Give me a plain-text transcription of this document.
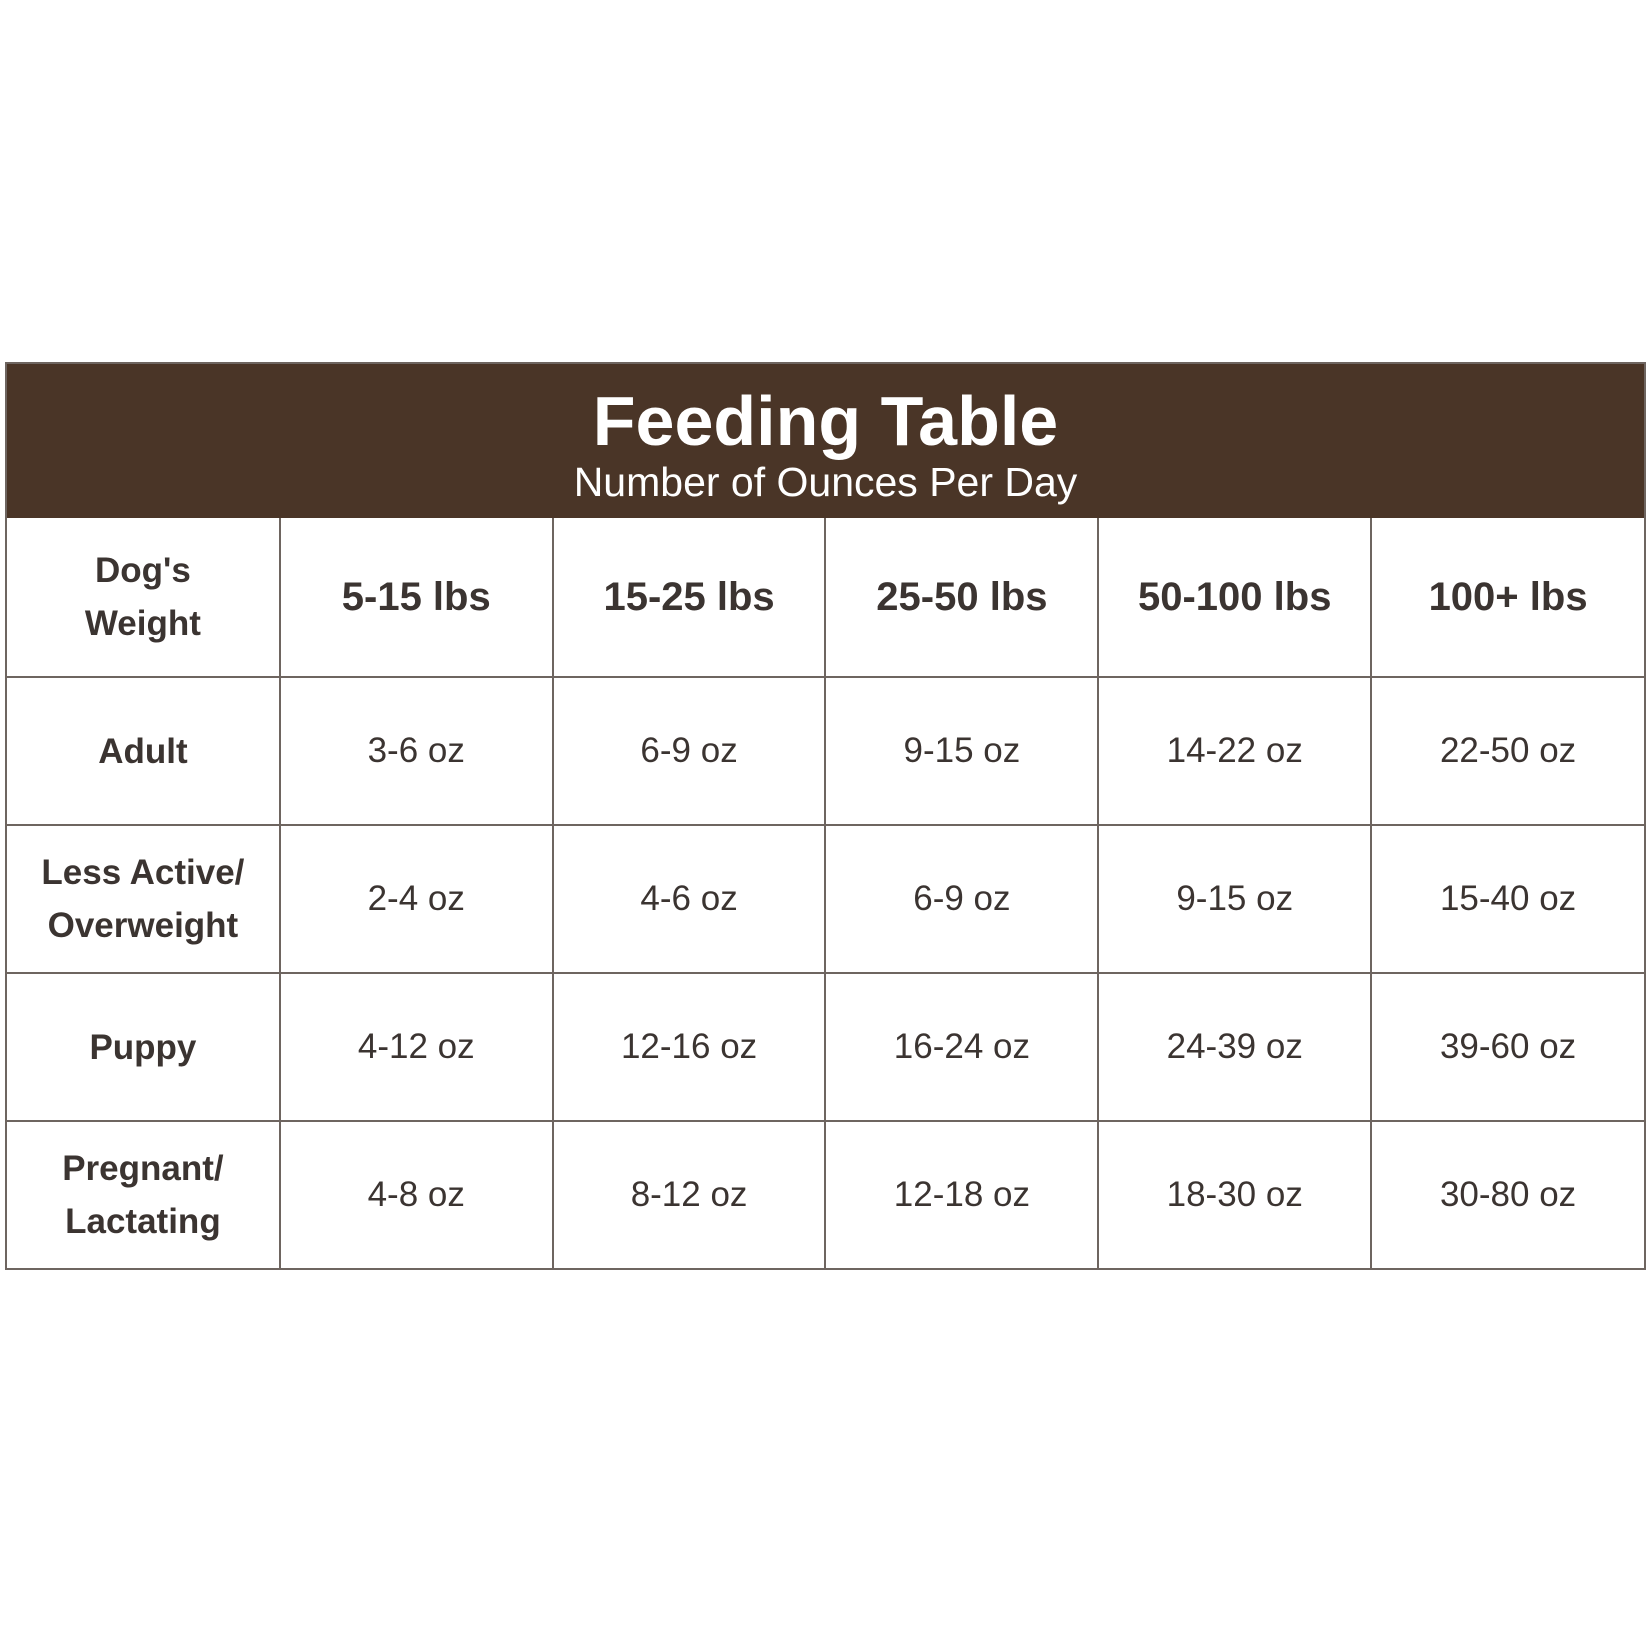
Feeding Table
Number of Ounces Per Day
Dog's
Weight	5-15 lbs	15-25 lbs	25-50 lbs	50-100 lbs	100+ lbs
Adult	3-6 oz	6-9 oz	9-15 oz	14-22 oz	22-50 oz
Less Active/
Overweight	2-4 oz	4-6 oz	6-9 oz	9-15 oz	15-40 oz
Puppy	4-12 oz	12-16 oz	16-24 oz	24-39 oz	39-60 oz
Pregnant/
Lactating	4-8 oz	8-12 oz	12-18 oz	18-30 oz	30-80 oz
